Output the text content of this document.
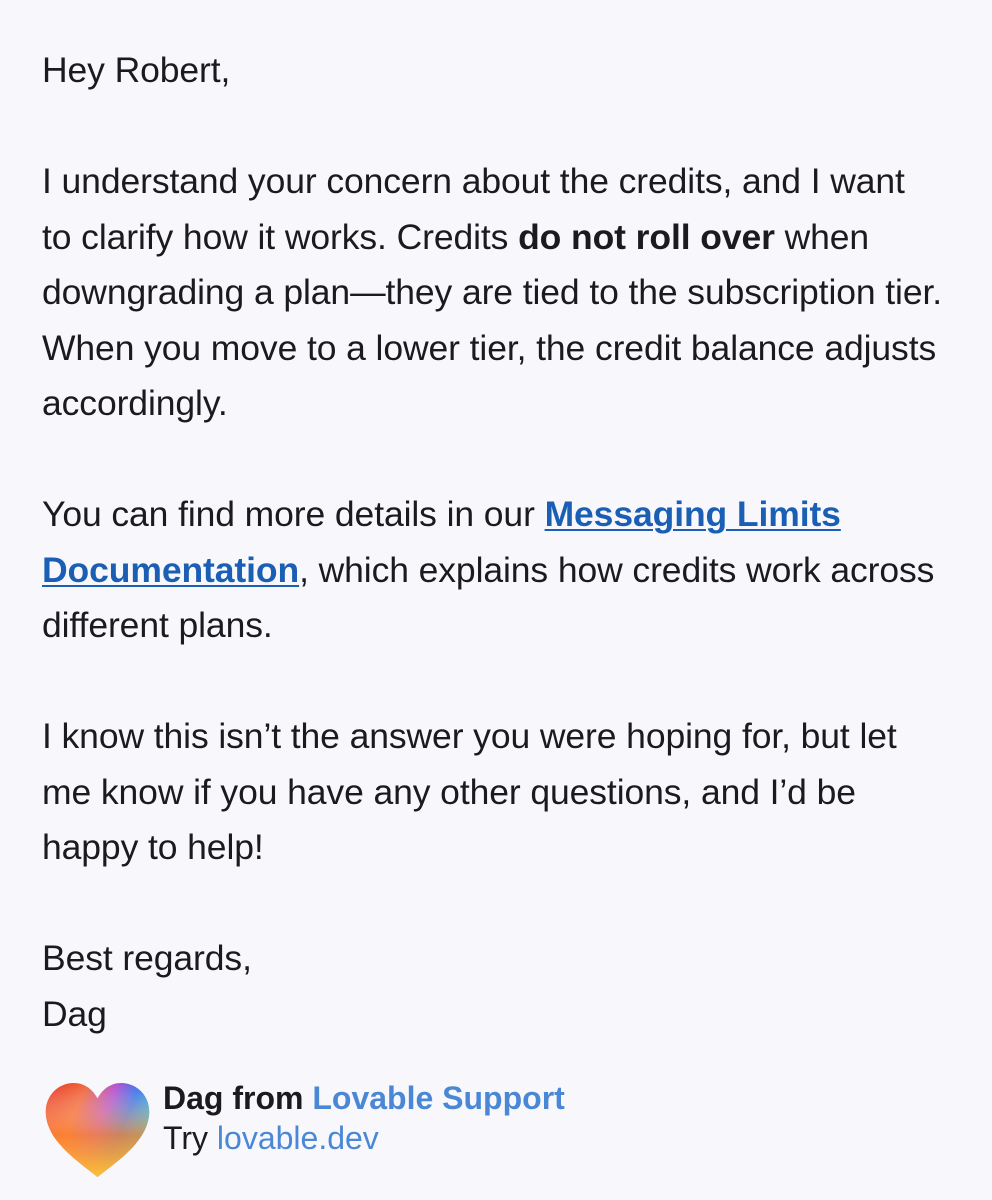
Hey Robert,

I understand your concern about the credits, and I want to clarify how it works. Credits do not roll over when downgrading a plan—they are tied to the subscription tier. When you move to a lower tier, the credit balance adjusts accordingly.

You can find more details in our Messaging Limits Documentation, which explains how credits work across different plans.

I know this isn’t the answer you were hoping for, but let me know if you have any other questions, and I’d be happy to help!

Best regards,

Dag

Dag from Lovable Support
Try lovable.dev
